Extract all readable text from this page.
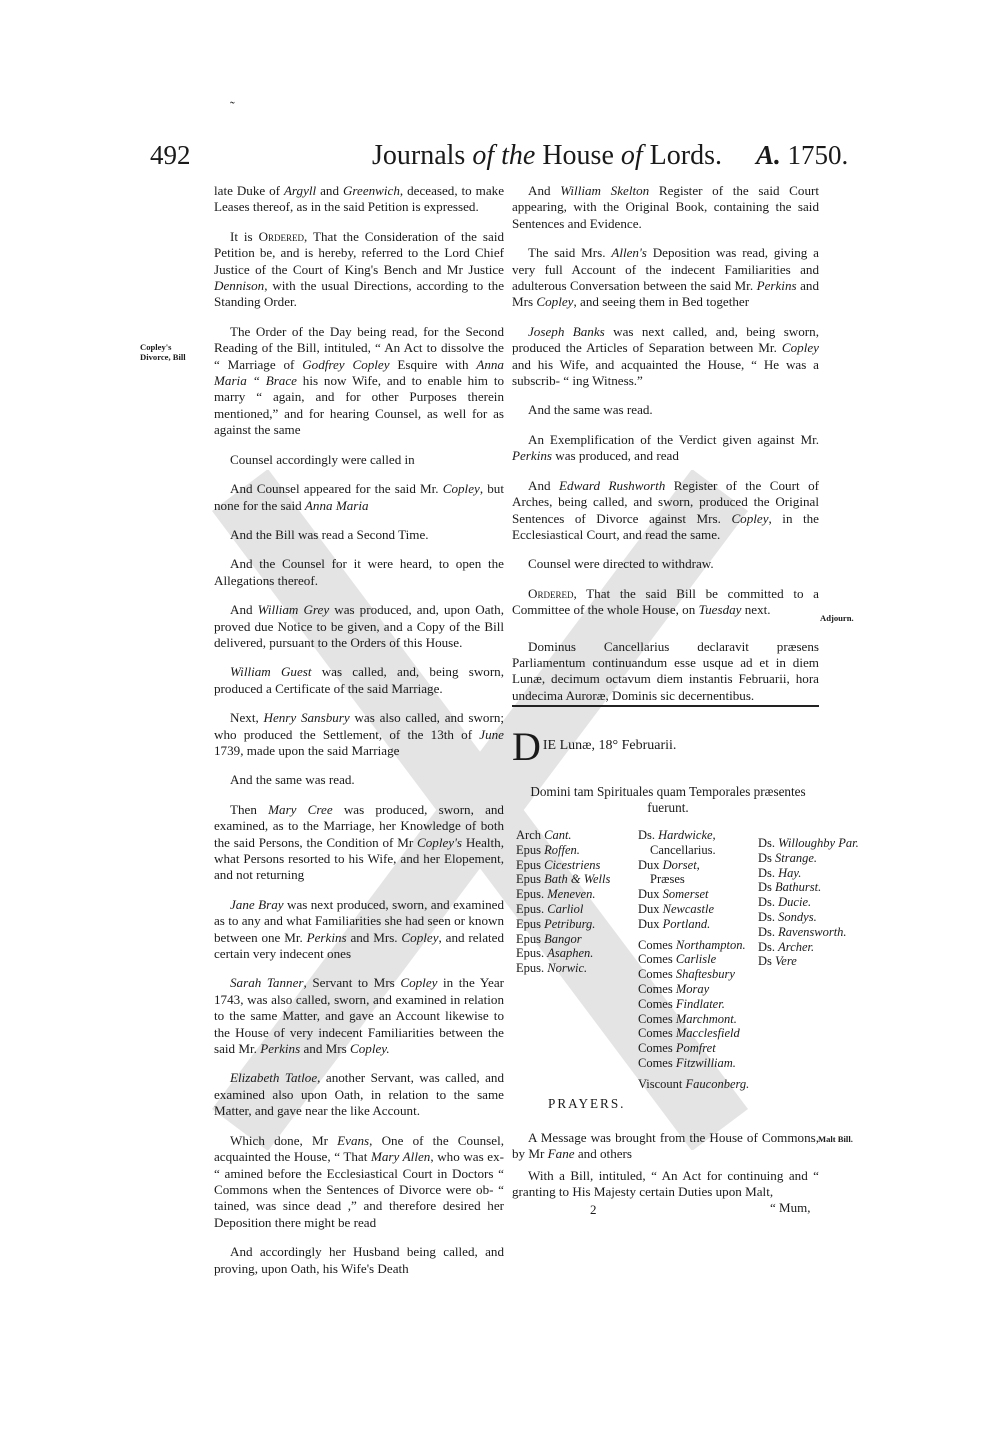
˜
492	Journals of the House of Lords. A. 1750.
Copley's Divorce, Bill
Adjourn.
Malt Bill.

late Duke of Argyll and Greenwich, deceased, to make Leases thereof, as in the said Petition is expressed.

It is Ordered, That the Consideration of the said Petition be, and is hereby, referred to the Lord Chief Justice of the Court of King's Bench and Mr Justice Dennison, with the usual Directions, according to the Standing Order.

The Order of the Day being read, for the Second Reading of the Bill, intituled, “ An Act to dissolve the “ Marriage of Godfrey Copley Esquire with Anna Maria “ Brace his now Wife, and to enable him to marry “ again, and for other Purposes therein mentioned,” and for hearing Counsel, as well for as against the same

Counsel accordingly were called in

And Counsel appeared for the said Mr. Copley, but none for the said Anna Maria

And the Bill was read a Second Time.

And the Counsel for it were heard, to open the Allegations thereof.

And William Grey was produced, and, upon Oath, proved due Notice to be given, and a Copy of the Bill delivered, pursuant to the Orders of this House.

William Guest was called, and, being sworn, produced a Certificate of the said Marriage.

Next, Henry Sansbury was also called, and sworn; who produced the Settlement, of the 13th of June 1739, made upon the said Marriage

And the same was read.

Then Mary Cree was produced, sworn, and examined, as to the Marriage, her Knowledge of both the said Persons, the Condition of Mr Copley's Health, what Persons resorted to his Wife, and her Elopement, and not returning

Jane Bray was next produced, sworn, and examined as to any and what Familiarities she had seen or known between one Mr. Perkins and Mrs. Copley, and related certain very indecent ones

Sarah Tanner, Servant to Mrs Copley in the Year 1743, was also called, sworn, and examined in relation to the same Matter, and gave an Account likewise to the House of very indecent Familiarities between the said Mr. Perkins and Mrs Copley.

Elizabeth Tatloe, another Servant, was called, and examined also upon Oath, in relation to the same Matter, and gave near the like Account.

Which done, Mr Evans, One of the Counsel, acquainted the House, “ That Mary Allen, who was ex- “ amined before the Ecclesiastical Court in Doctors “ Commons when the Sentences of Divorce were ob- “ tained, was since dead ,” and therefore desired her Deposition there might be read

And accordingly her Husband being called, and proving, upon Oath, his Wife's Death

And William Skelton Register of the said Court appearing, with the Original Book, containing the said Sentences and Evidence.

The said Mrs. Allen's Deposition was read, giving a very full Account of the indecent Familiarities and adulterous Conversation between the said Mr. Perkins and Mrs Copley, and seeing them in Bed together

Joseph Banks was next called, and, being sworn, produced the Articles of Separation between Mr. Copley and his Wife, and acquainted the House, “ He was a subscrib- “ ing Witness.”

And the same was read.

An Exemplification of the Verdict given against Mr. Perkins was produced, and read

And Edward Rushworth Register of the Court of Arches, being called, and sworn, produced the Original Sentences of Divorce against Mrs. Copley, in the Ecclesiastical Court, and read the same.

Counsel were directed to withdraw.

Ordered, That the said Bill be committed to a Committee of the whole House, on Tuesday next.

Dominus Cancellarius declaravit præsens Parliamentum continuandum esse usque ad et in diem Lunæ, decimum octavum diem instantis Februarii, hora undecima Auroræ, Dominis sic decernentibus.

D IE Lunæ, 18° Februarii.
Domini tam Spirituales quam Temporales præsentes fuerunt.
Arch Cant.
Epus Roffen.
Epus Cicestriens
Epus Bath & Wells
Epus. Meneven.
Epus. Carliol
Epus Petriburg.
Epus Bangor
Epus. Asaphen.
Epus. Norwic.
Ds. Hardwicke,
Cancellarius.
Dux Dorset,
Præses
Dux Somerset
Dux Newcastle
Dux Portland.
Comes Northampton.
Comes Carlisle
Comes Shaftesbury
Comes Moray
Comes Findlater.
Comes Marchmont.
Comes Macclesfield
Comes Pomfret
Comes Fitzwilliam.
Viscount Fauconberg.
Ds. Willoughby Par.
Ds Strange.
Ds. Hay.
Ds Bathurst.
Ds. Ducie.
Ds. Sondys.
Ds. Ravensworth.
Ds. Archer.
Ds Vere
PRAYERS.

A Message was brought from the House of Commons, by Mr Fane and others

With a Bill, intituled, “ An Act for continuing and “ granting to His Majesty certain Duties upon Malt,

2	“ Mum,
